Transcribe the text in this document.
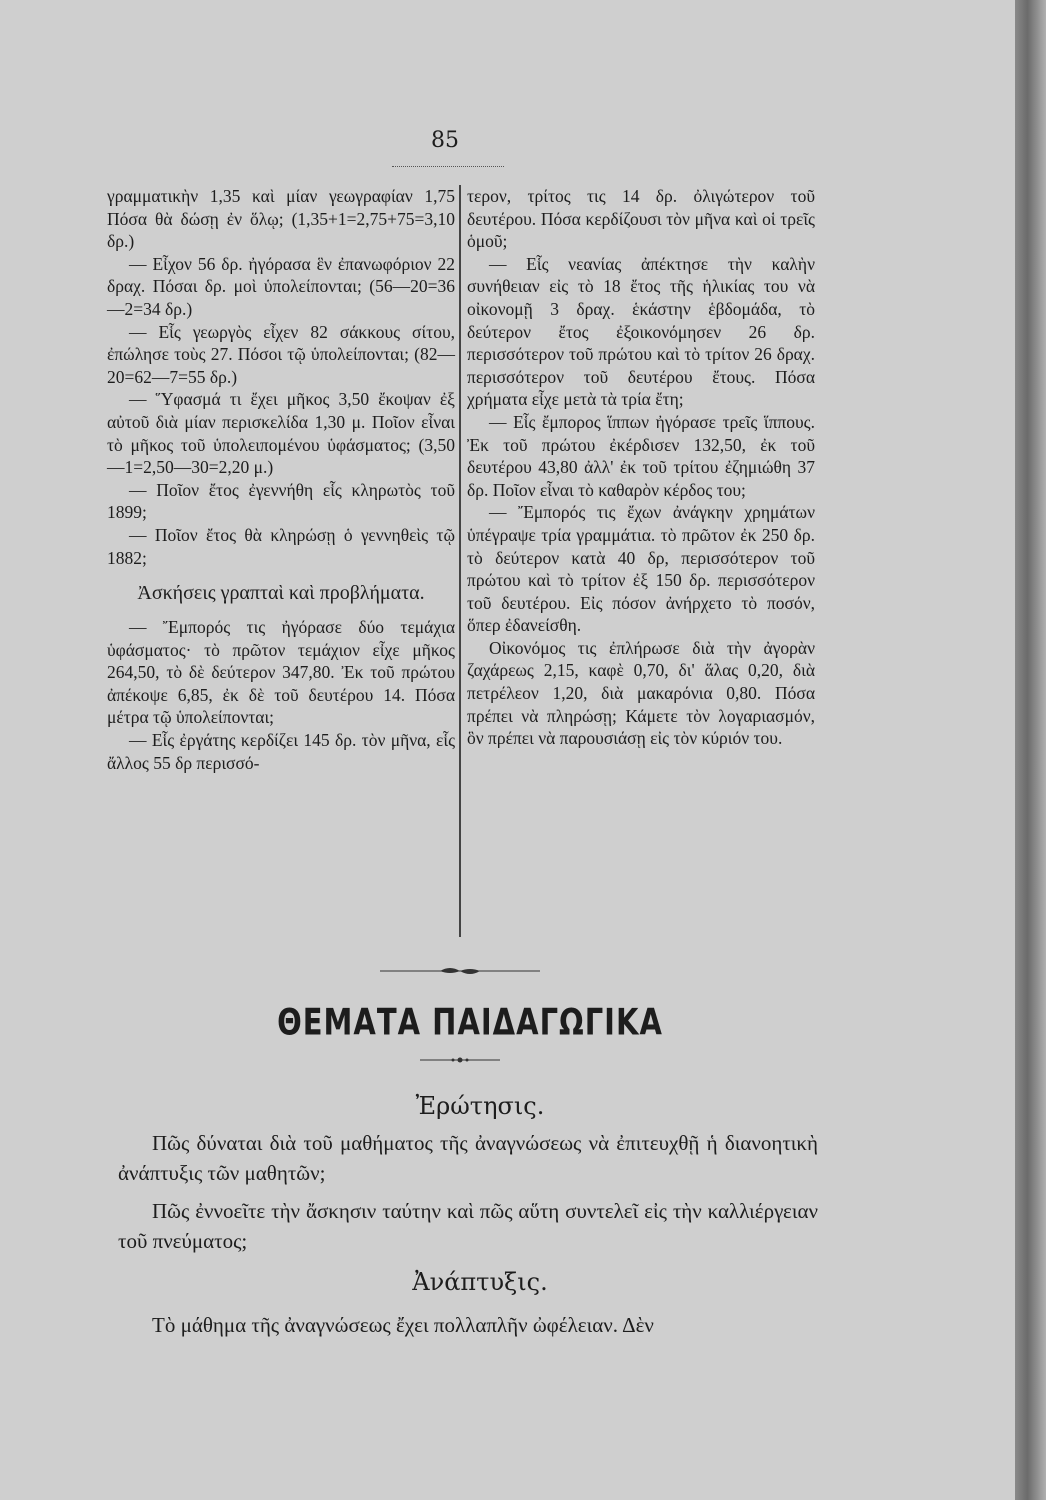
85

γραμματικὴν 1,35 καὶ μίαν γεωγραφίαν 1,75 Πόσα θὰ δώσῃ ἐν ὅλῳ; (1,35+1=2,75+75=3,10 δρ.)

— Εἶχον 56 δρ. ἠγόρασα ἓν ἐπανωφόριον 22 δραχ. Πόσαι δρ. μοὶ ὑπολείπονται; (56—20=36—2=34 δρ.)

— Εἷς γεωργὸς εἶχεν 82 σάκκους σίτου, ἐπώλησε τοὺς 27. Πόσοι τῷ ὑπολείπονται; (82—20=62—7=55 δρ.)

— Ὕφασμά τι ἔχει μῆκος 3,50 ἔκοψαν ἐξ αὐτοῦ διὰ μίαν περισκελίδα 1,30 μ. Ποῖον εἶναι τὸ μῆκος τοῦ ὑπολειπομένου ὑφάσματος; (3,50—1=2,50—30=2,20 μ.)

— Ποῖον ἔτος ἐγεννήθη εἷς κληρωτὸς τοῦ 1899;

— Ποῖον ἔτος θὰ κληρώσῃ ὁ γεννηθεὶς τῷ 1882;

Ἀσκήσεις γραπταὶ καὶ προβλήματα.

— Ἔμπορός τις ἠγόρασε δύο τεμάχια ὑφάσματος· τὸ πρῶτον τεμάχιον εἶχε μῆκος 264,50, τὸ δὲ δεύτερον 347,80. Ἐκ τοῦ πρώτου ἀπέκοψε 6,85, ἐκ δὲ τοῦ δευτέρου 14. Πόσα μέτρα τῷ ὑπολείπονται;

— Εἷς ἐργάτης κερδίζει 145 δρ. τὸν μῆνα, εἷς ἄλλος 55 δρ περισσό-

τερον, τρίτος τις 14 δρ. ὀλιγώτερον τοῦ δευτέρου. Πόσα κερδίζουσι τὸν μῆνα καὶ οἱ τρεῖς ὁμοῦ;

— Εἷς νεανίας ἀπέκτησε τὴν καλὴν συνήθειαν εἰς τὸ 18 ἔτος τῆς ἡλικίας του νὰ οἰκονομῇ 3 δραχ. ἑκάστην ἑβδομάδα, τὸ δεύτερον ἔτος ἐξοικονόμησεν 26 δρ. περισσότερον τοῦ πρώτου καὶ τὸ τρίτον 26 δραχ. περισσότερον τοῦ δευτέρου ἔτους. Πόσα χρήματα εἶχε μετὰ τὰ τρία ἔτη;

— Εἷς ἔμπορος ἵππων ἠγόρασε τρεῖς ἵππους. Ἐκ τοῦ πρώτου ἐκέρδισεν 132,50, ἐκ τοῦ δευτέρου 43,80 ἀλλ' ἐκ τοῦ τρίτου ἐζημιώθη 37 δρ. Ποῖον εἶναι τὸ καθαρὸν κέρδος του;

— Ἔμπορός τις ἔχων ἀνάγκην χρημάτων ὑπέγραψε τρία γραμμάτια. τὸ πρῶτον ἐκ 250 δρ. τὸ δεύτερον κατὰ 40 δρ, περισσότερον τοῦ πρώτου καὶ τὸ τρίτον ἐξ 150 δρ. περισσότερον τοῦ δευτέρου. Εἰς πόσον ἀνήρχετο τὸ ποσόν, ὅπερ ἐδανείσθη.

Οἰκονόμος τις ἐπλήρωσε διὰ τὴν ἀγορὰν ζαχάρεως 2,15, καφὲ 0,70, δι' ἅλας 0,20, διὰ πετρέλεον 1,20, διὰ μακαρόνια 0,80. Πόσα πρέπει νὰ πληρώσῃ; Κάμετε τὸν λογαριασμόν, ὃν πρέπει νὰ παρουσιάσῃ εἰς τὸν κύριόν του.

ΘΕΜΑΤΑ ΠΑΙΔΑΓΩΓΙΚΑ
Ἐρώτησις.
Πῶς δύναται διὰ τοῦ μαθήματος τῆς ἀναγνώσεως νὰ ἐπιτευχθῇ ἡ διανοητικὴ ἀνάπτυξις τῶν μαθητῶν;
Πῶς ἐννοεῖτε τὴν ἄσκησιν ταύτην καὶ πῶς αὕτη συντελεῖ εἰς τὴν καλλιέργειαν τοῦ πνεύματος;
Ἀνάπτυξις.
Τὸ μάθημα τῆς ἀναγνώσεως ἔχει πολλαπλῆν ὠφέλειαν. Δὲν
